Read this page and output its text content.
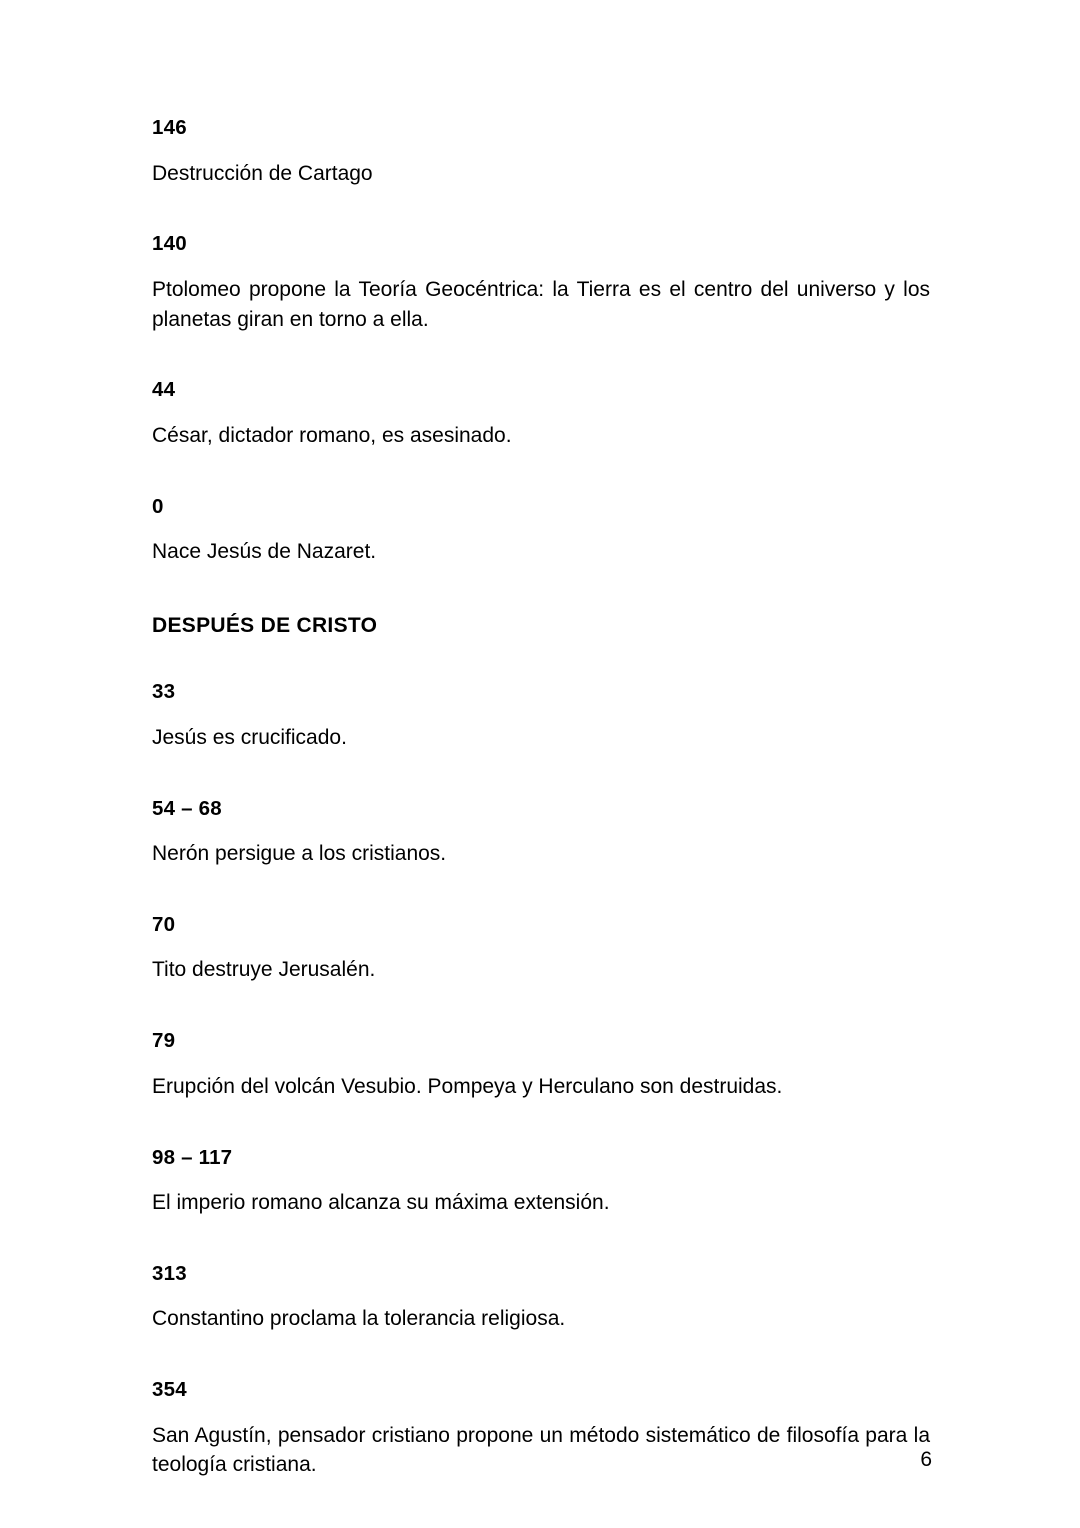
146
Destrucción de Cartago
140
Ptolomeo propone la Teoría Geocéntrica: la Tierra es el centro del universo y los planetas giran en torno a ella.
44
César, dictador romano, es asesinado.
0
Nace Jesús de Nazaret.
DESPUÉS DE CRISTO
33
Jesús es crucificado.
54 – 68
Nerón persigue a los cristianos.
70
Tito destruye Jerusalén.
79
Erupción del volcán Vesubio. Pompeya y Herculano son destruidas.
98 – 117
El imperio romano alcanza su máxima extensión.
313
Constantino proclama la tolerancia religiosa.
354
San Agustín, pensador cristiano propone un método sistemático de filosofía para la teología cristiana.	6
